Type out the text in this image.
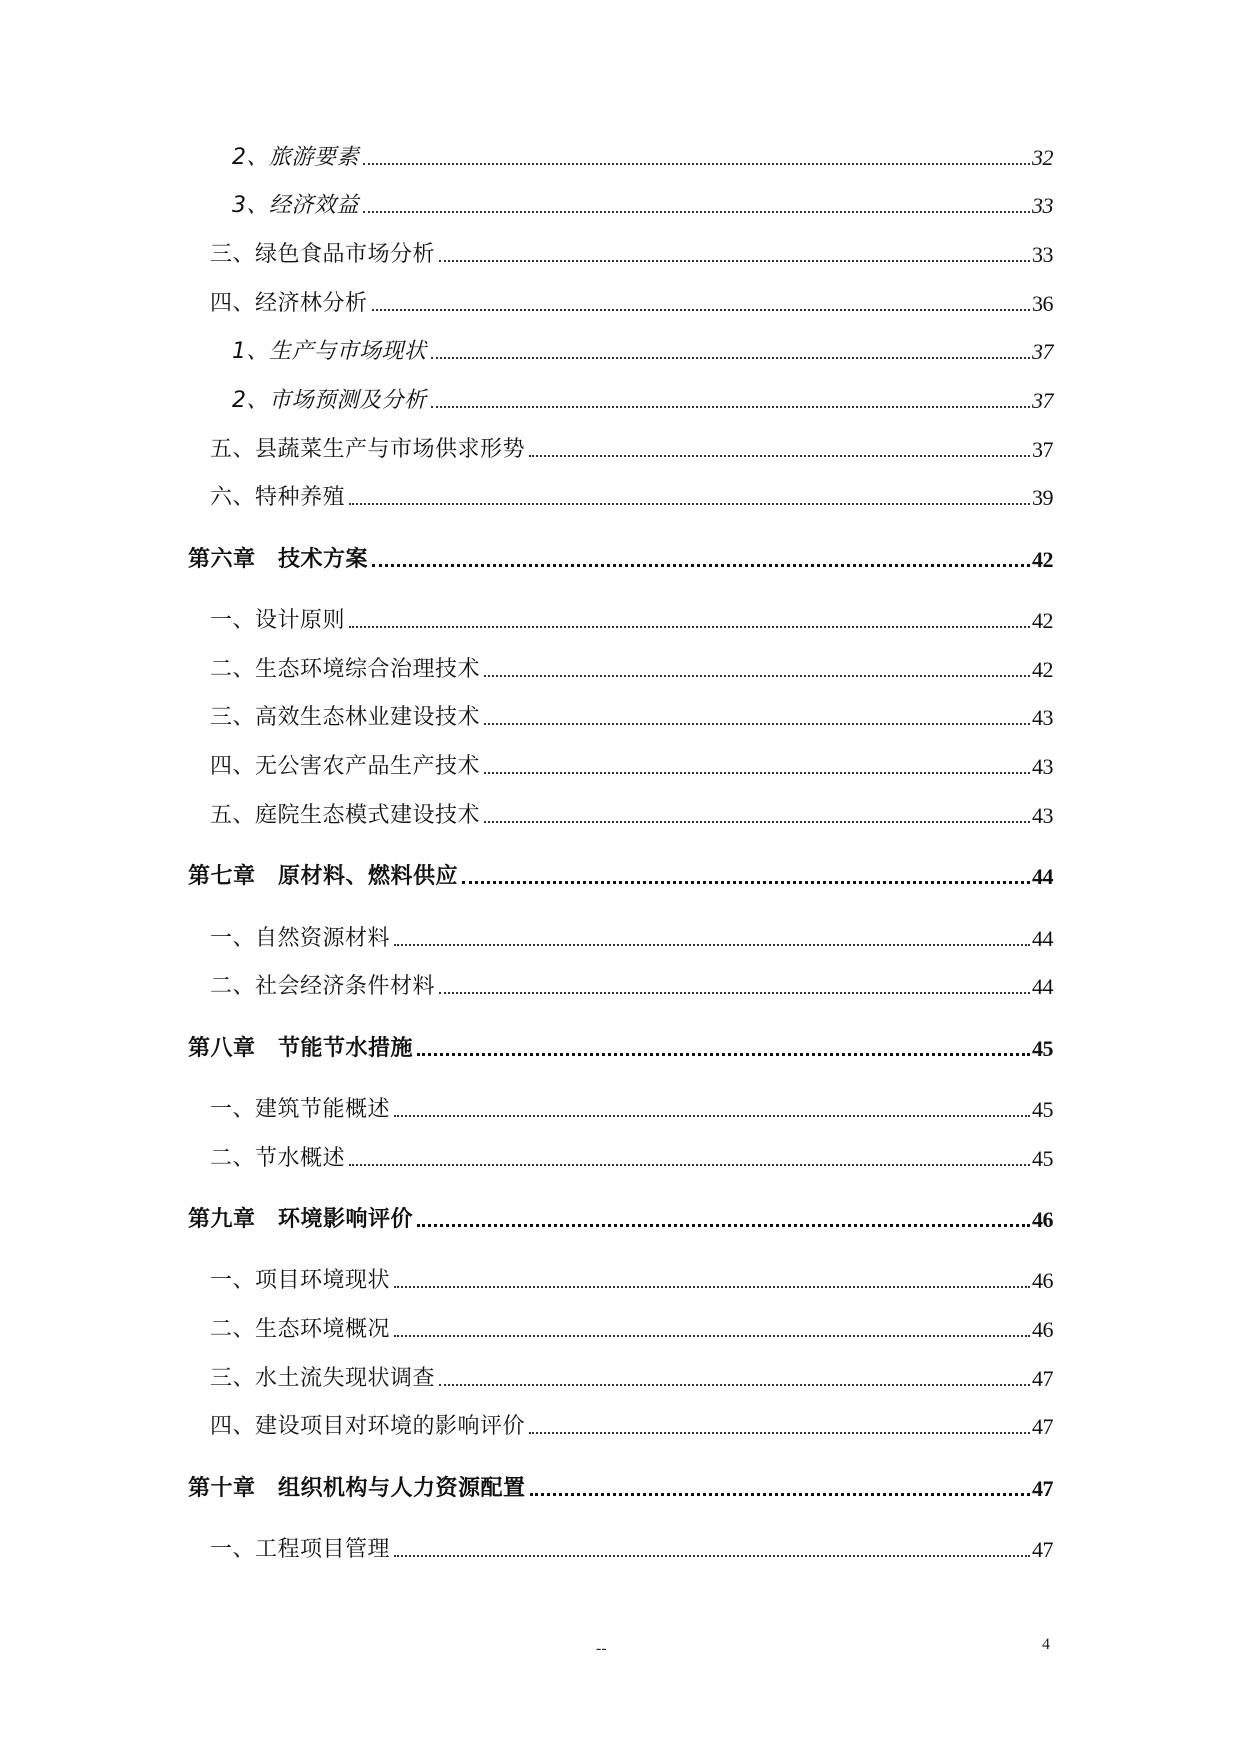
2、旅游要素	32
3、经济效益	33
三、绿色食品市场分析	33
四、经济林分析	36
1、生产与市场现状	37
2、市场预测及分析	37
五、县蔬菜生产与市场供求形势	37
六、特种养殖	39
第六章　技术方案	42
一、设计原则	42
二、生态环境综合治理技术	42
三、高效生态林业建设技术	43
四、无公害农产品生产技术	43
五、庭院生态模式建设技术	43
第七章　原材料、燃料供应	44
一、自然资源材料	44
二、社会经济条件材料	44
第八章　节能节水措施	45
一、建筑节能概述	45
二、节水概述	45
第九章　环境影响评价	46
一、项目环境现状	46
二、生态环境概况	46
三、水土流失现状调查	47
四、建设项目对环境的影响评价	47
第十章　组织机构与人力资源配置	47
一、工程项目管理	47
--	4
